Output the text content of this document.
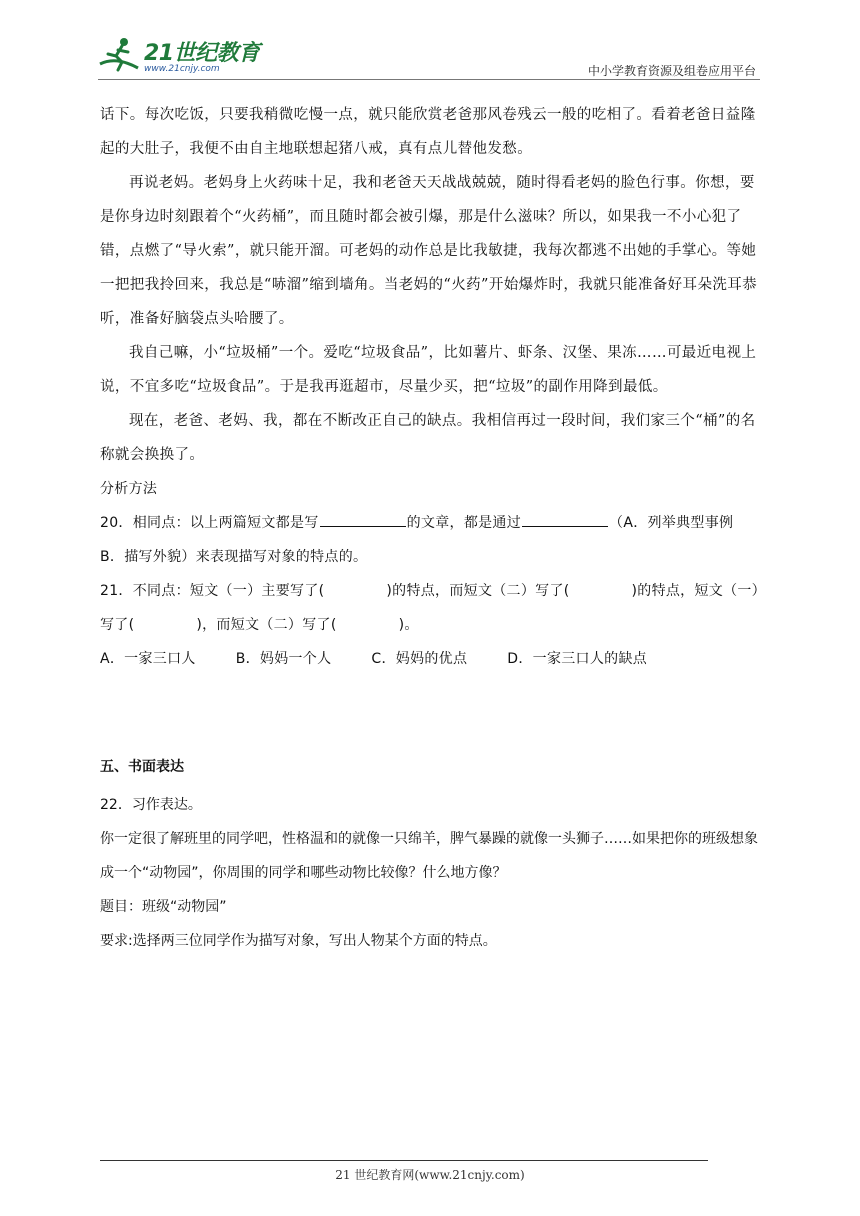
21世纪教育
www.21cnjy.com	中小学教育资源及组卷应用平台

话下。每次吃饭，只要我稍微吃慢一点，就只能欣赏老爸那风卷残云一般的吃相了。看着老爸日益隆起的大肚子，我便不由自主地联想起猪八戒，真有点儿替他发愁。

再说老妈。老妈身上火药味十足，我和老爸天天战战兢兢，随时得看老妈的脸色行事。你想，要是你身边时刻跟着个“火药桶”，而且随时都会被引爆，那是什么滋味？所以，如果我一不小心犯了错，点燃了“导火索”，就只能开溜。可老妈的动作总是比我敏捷，我每次都逃不出她的手掌心。等她一把把我拎回来，我总是“哧溜”缩到墙角。当老妈的“火药”开始爆炸时，我就只能准备好耳朵洗耳恭听，准备好脑袋点头哈腰了。

我自己嘛，小“垃圾桶”一个。爱吃“垃圾食品”，比如薯片、虾条、汉堡、果冻……可最近电视上说，不宜多吃“垃圾食品”。于是我再逛超市，尽量少买，把“垃圾”的副作用降到最低。

现在，老爸、老妈、我，都在不断改正自己的缺点。我相信再过一段时间，我们家三个“桶”的名称就会换换了。

分析方法

20．相同点：以上两篇短文都是写	的文章，都是通过	（A．列举典型事例　B．描写外貌）来表现描写对象的特点的。

21．不同点：短文（一）主要写了(	)的特点，而短文（二）写了(	)的特点，短文（一）写了(	)，而短文（二）写了(	)。

A．一家三口人	B．妈妈一个人	C．妈妈的优点	D．一家三口人的缺点

五、书面表达

22．习作表达。

你一定很了解班里的同学吧，性格温和的就像一只绵羊，脾气暴躁的就像一头狮子……如果把你的班级想象成一个“动物园”，你周围的同学和哪些动物比较像？什么地方像？

题目：班级“动物园”

要求:选择两三位同学作为描写对象，写出人物某个方面的特点。

21 世纪教育网(www.21cnjy.com)
